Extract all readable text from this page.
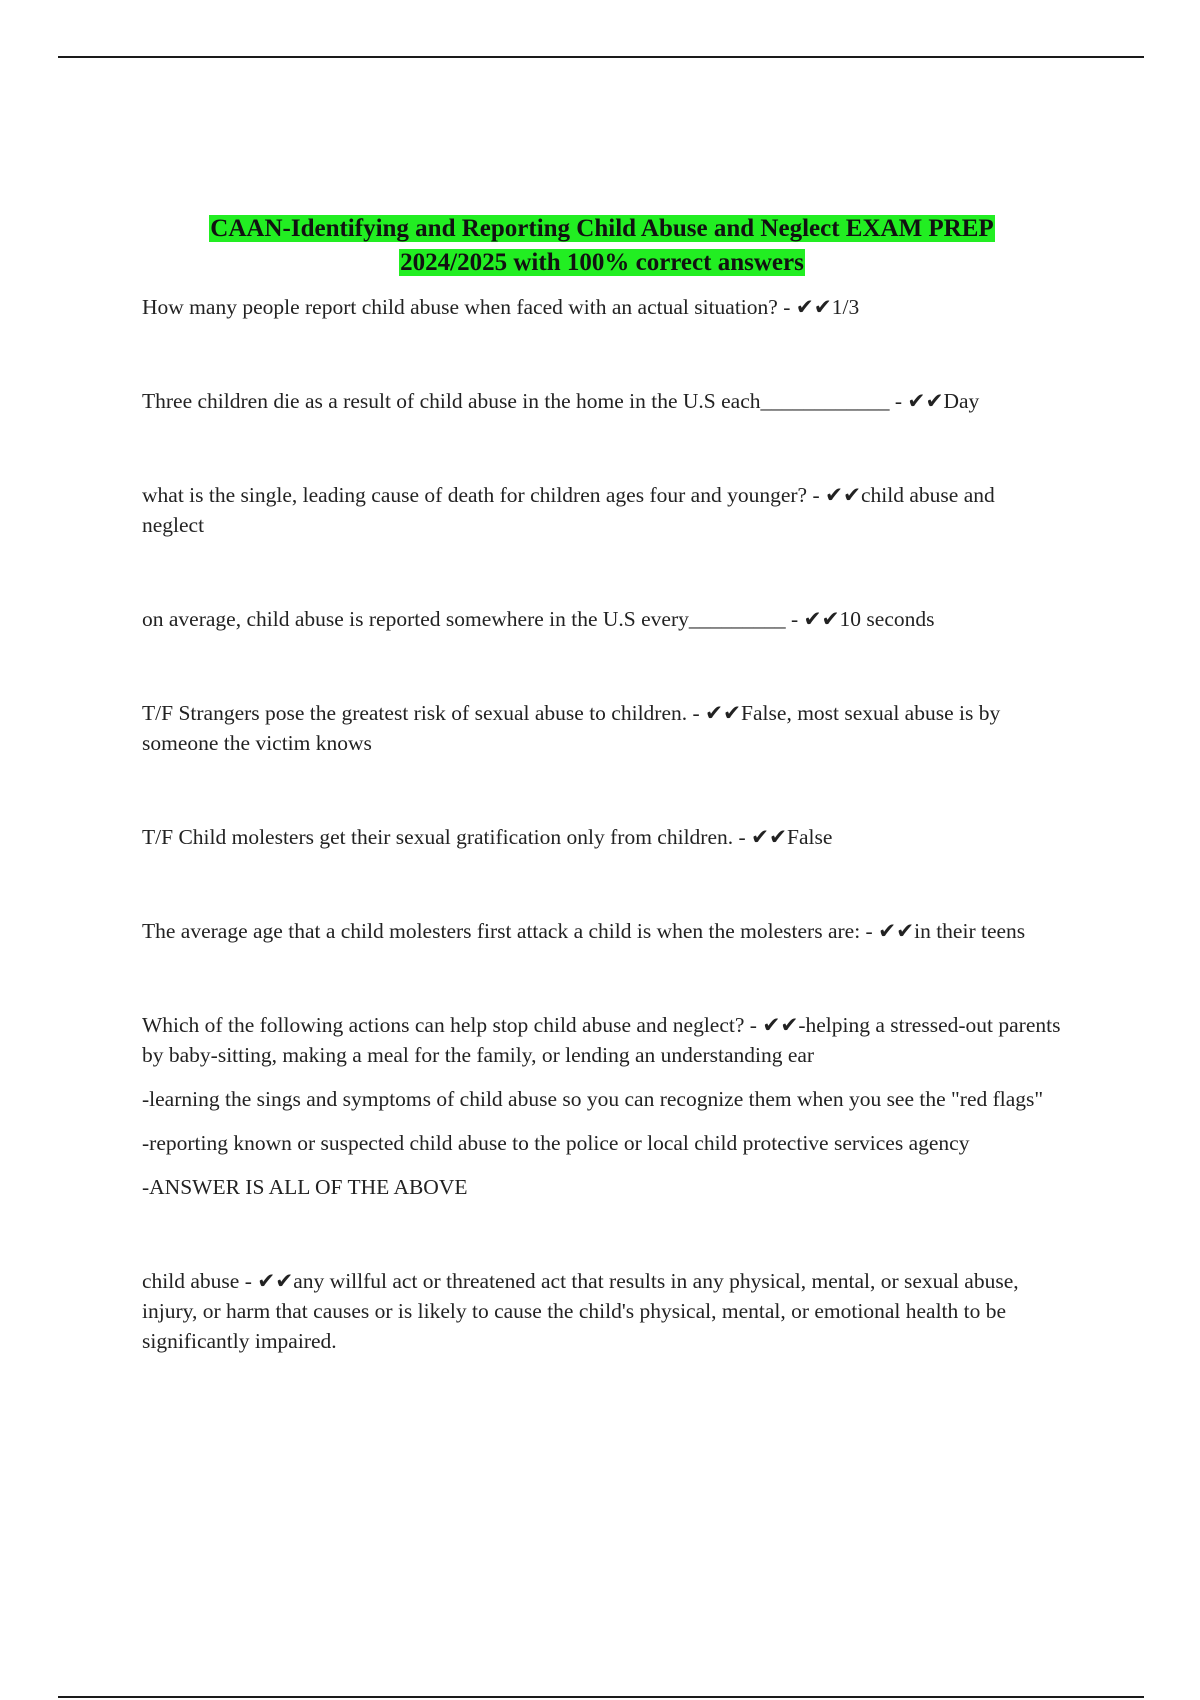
CAAN-Identifying and Reporting Child Abuse and Neglect EXAM PREP
2024/2025 with 100% correct answers

How many people report child abuse when faced with an actual situation? - ✔✔1/3

Three children die as a result of child abuse in the home in the U.S each____________ - ✔✔Day

what is the single, leading cause of death for children ages four and younger? - ✔✔child abuse and neglect

on average, child abuse is reported somewhere in the U.S every_________ - ✔✔10 seconds

T/F Strangers pose the greatest risk of sexual abuse to children. - ✔✔False, most sexual abuse is by someone the victim knows

T/F Child molesters get their sexual gratification only from children. - ✔✔False

The average age that a child molesters first attack a child is when the molesters are: - ✔✔in their teens

Which of the following actions can help stop child abuse and neglect? - ✔✔-helping a stressed-out parents by baby-sitting, making a meal for the family, or lending an understanding ear

-learning the sings and symptoms of child abuse so you can recognize them when you see the "red flags"

-reporting known or suspected child abuse to the police or local child protective services agency

-ANSWER IS ALL OF THE ABOVE

child abuse - ✔✔any willful act or threatened act that results in any physical, mental, or sexual abuse, injury, or harm that causes or is likely to cause the child's physical, mental, or emotional health to be significantly impaired.
